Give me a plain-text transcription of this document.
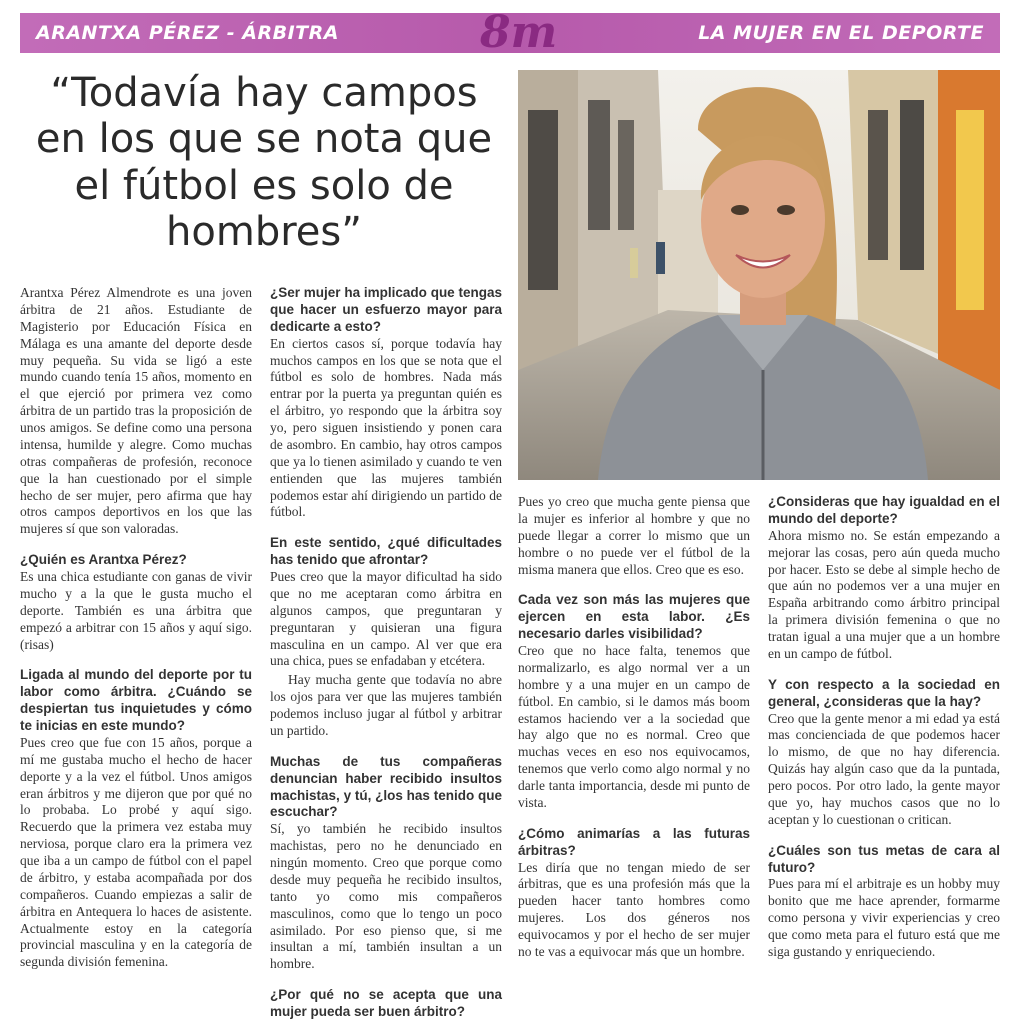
ARANTXA PÉREZ - ÁRBITRA	8m	LA MUJER EN EL DEPORTE
“Todavía hay campos en los que se nota que el fútbol es solo de hombres”

Arantxa Pérez Almendrote es una joven árbitra de 21 años. Estudiante de Magisterio por Educación Física en Málaga es una amante del deporte desde muy pequeña. Su vida se ligó a este mundo cuando tenía 15 años, momento en el que ejerció por primera vez como árbitra de un partido tras la proposición de unos amigos. Se define como una persona intensa, humilde y alegre. Como muchas otras compañeras de profesión, reconoce que la han cuestionado por el simple hecho de ser mujer, pero afirma que hay otros campos deportivos en los que las mujeres sí que son valoradas.

¿Quién es Arantxa Pérez?

Es una chica estudiante con ganas de vivir mucho y a la que le gusta mucho el deporte. También es una árbitra que empezó a arbitrar con 15 años y aquí sigo. (risas)

Ligada al mundo del deporte por tu labor como árbitra. ¿Cuándo se despiertan tus inquietudes y cómo te inicias en este mundo?

Pues creo que fue con 15 años, porque a mí me gustaba mucho el hecho de hacer deporte y a la vez el fútbol. Unos amigos eran árbitros y me dijeron que por qué no lo probaba. Lo probé y aquí sigo. Recuerdo que la primera vez estaba muy nerviosa, porque claro era la primera vez que iba a un campo de fútbol con el papel de árbitro, y estaba acompañada por dos compañeros. Cuando empiezas a salir de árbitra en Antequera lo haces de asistente. Actualmente estoy en la categoría provincial masculina y en la categoría de segunda división femenina.

¿Ser mujer ha implicado que tengas que hacer un esfuerzo mayor para dedicarte a esto?

En ciertos casos sí, porque todavía hay muchos campos en los que se nota que el fútbol es solo de hombres. Nada más entrar por la puerta ya preguntan quién es el árbitro, yo respondo que la árbitra soy yo, pero siguen insistiendo y ponen cara de asombro. En cambio, hay otros campos que ya lo tienen asimilado y cuando te ven entienden que las mujeres también podemos estar ahí dirigiendo un partido de fútbol.

En este sentido, ¿qué dificultades has tenido que afrontar?

Pues creo que la mayor dificultad ha sido que no me aceptaran como árbitra en algunos campos, que preguntaran y preguntaran y quisieran una figura masculina en un campo. Al ver que era una chica, pues se enfadaban y etcétera.

Hay mucha gente que todavía no abre los ojos para ver que las mujeres también podemos incluso jugar al fútbol y arbitrar un partido.

Muchas de tus compañeras denuncian haber recibido insultos machistas, y tú, ¿los has tenido que escuchar?

Sí, yo también he recibido insultos machistas, pero no he denunciado en ningún momento. Creo que porque como desde muy pequeña he recibido insultos, tanto yo como mis compañeros masculinos, como que lo tengo un poco asimilado. Por eso pienso que, si me insultan a mí, también insultan a un hombre.

¿Por qué no se acepta que una mujer pueda ser buen árbitro?

Pues yo creo que mucha gente piensa que la mujer es inferior al hombre y que no puede llegar a correr lo mismo que un hombre o no puede ver el fútbol de la misma manera que ellos. Creo que es eso.

Cada vez son más las mujeres que ejercen en esta labor. ¿Es necesario darles visibilidad?

Creo que no hace falta, tenemos que normalizarlo, es algo normal ver a un hombre y a una mujer en un campo de fútbol. En cambio, si le damos más boom estamos haciendo ver a la sociedad que hay algo que no es normal. Creo que muchas veces en eso nos equivocamos, tenemos que verlo como algo normal y no darle tanta importancia, desde mi punto de vista.

¿Cómo animarías a las futuras árbitras?

Les diría que no tengan miedo de ser árbitras, que es una profesión más que la pueden hacer tanto hombres como mujeres. Los dos géneros nos equivocamos y por el hecho de ser mujer no te vas a equivocar más que un hombre.

¿Consideras que hay igualdad en el mundo del deporte?

Ahora mismo no. Se están empezando a mejorar las cosas, pero aún queda mucho por hacer. Esto se debe al simple hecho de que aún no podemos ver a una mujer en España arbitrando como árbitro principal la primera división femenina o que no tratan igual a una mujer que a un hombre en un campo de fútbol.

Y con respecto a la sociedad en general, ¿consideras que la hay?

Creo que la gente menor a mi edad ya está mas concienciada de que podemos hacer lo mismo, de que no hay diferencia. Quizás hay algún caso que da la puntada, pero pocos. Por otro lado, la gente mayor que yo, hay muchos casos que no lo aceptan y lo cuestionan o critican.

¿Cuáles son tus metas de cara al futuro?

Pues para mí el arbitraje es un hobby muy bonito que me hace aprender, formarme como persona y vivir experiencias y creo que como meta para el futuro está que me siga gustando y enriqueciendo.
